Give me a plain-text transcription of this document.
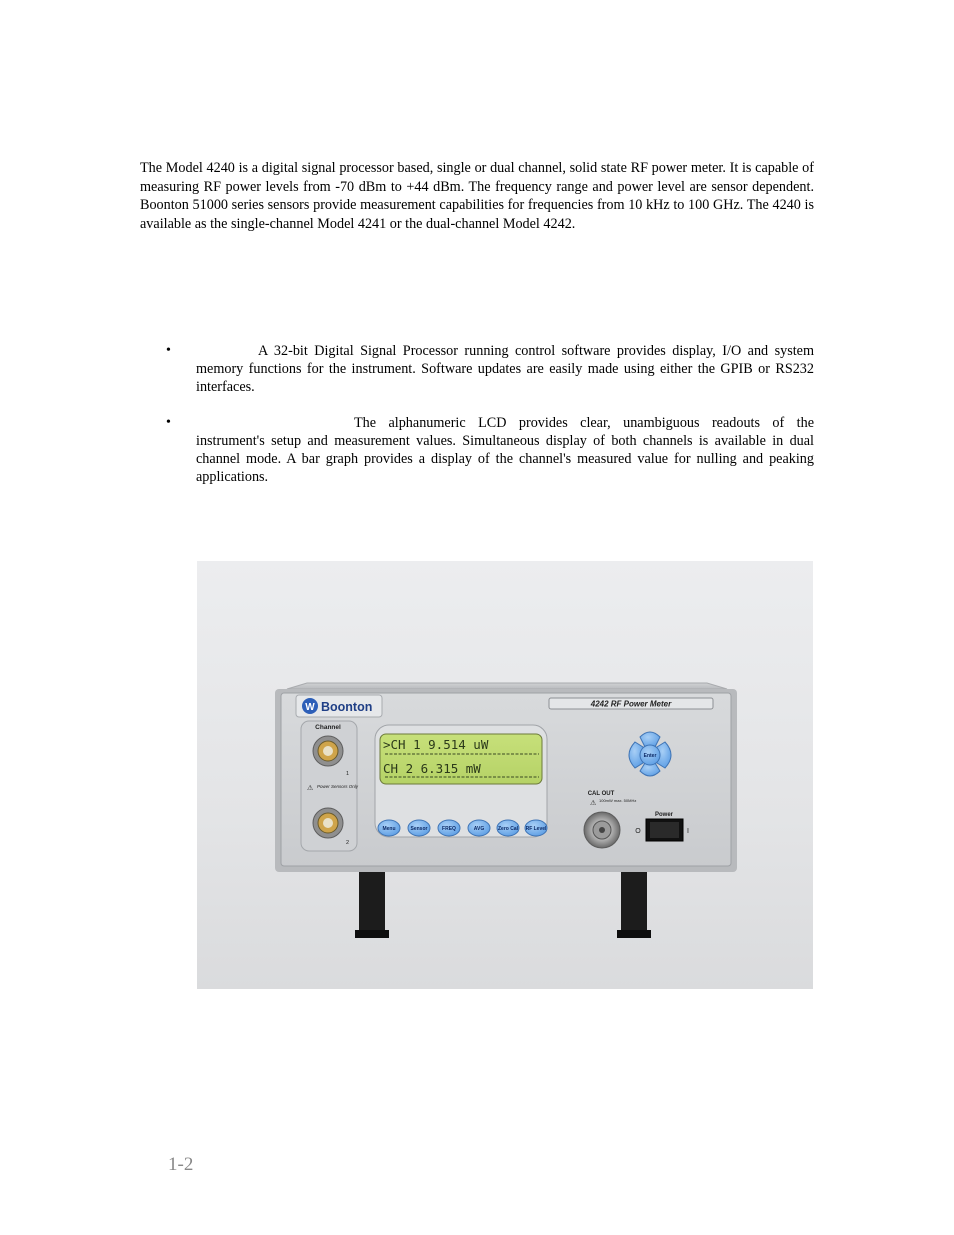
The Model 4240 is a digital signal processor based, single or dual channel, solid state RF power meter. It is capable of measuring RF power levels from -70 dBm to +44 dBm. The frequency range and power level are sensor dependent. Boonton 51000 series sensors provide measurement capabilities for frequencies from 10 kHz to 100 GHz. The 4240 is available as the single-channel Model 4241 or the dual-channel Model 4242.

•	A 32-bit Digital Signal Processor running control software provides display, I/O and system memory functions for the instrument. Software updates are easily made using either the GPIB or RS232 interfaces.

•	The alphanumeric LCD provides clear, unambiguous readouts of the instrument's setup and measurement values. Simultaneous display of both channels is available in dual channel mode. A bar graph provides a display of the channel's measured value for nulling and peaking applications.

W Boonton	4242 RF Power Meter
Channel
1
⚠ Power Sensors Only
2
>CH 1 9.514 uW
CH 2 6.315 mW
Menu	Sensor	FREQ	AVG	Zero Cal RF Level
Enter
CAL OUT
⚠ 100mW max. 50MHz
Power
O	I
1-2
